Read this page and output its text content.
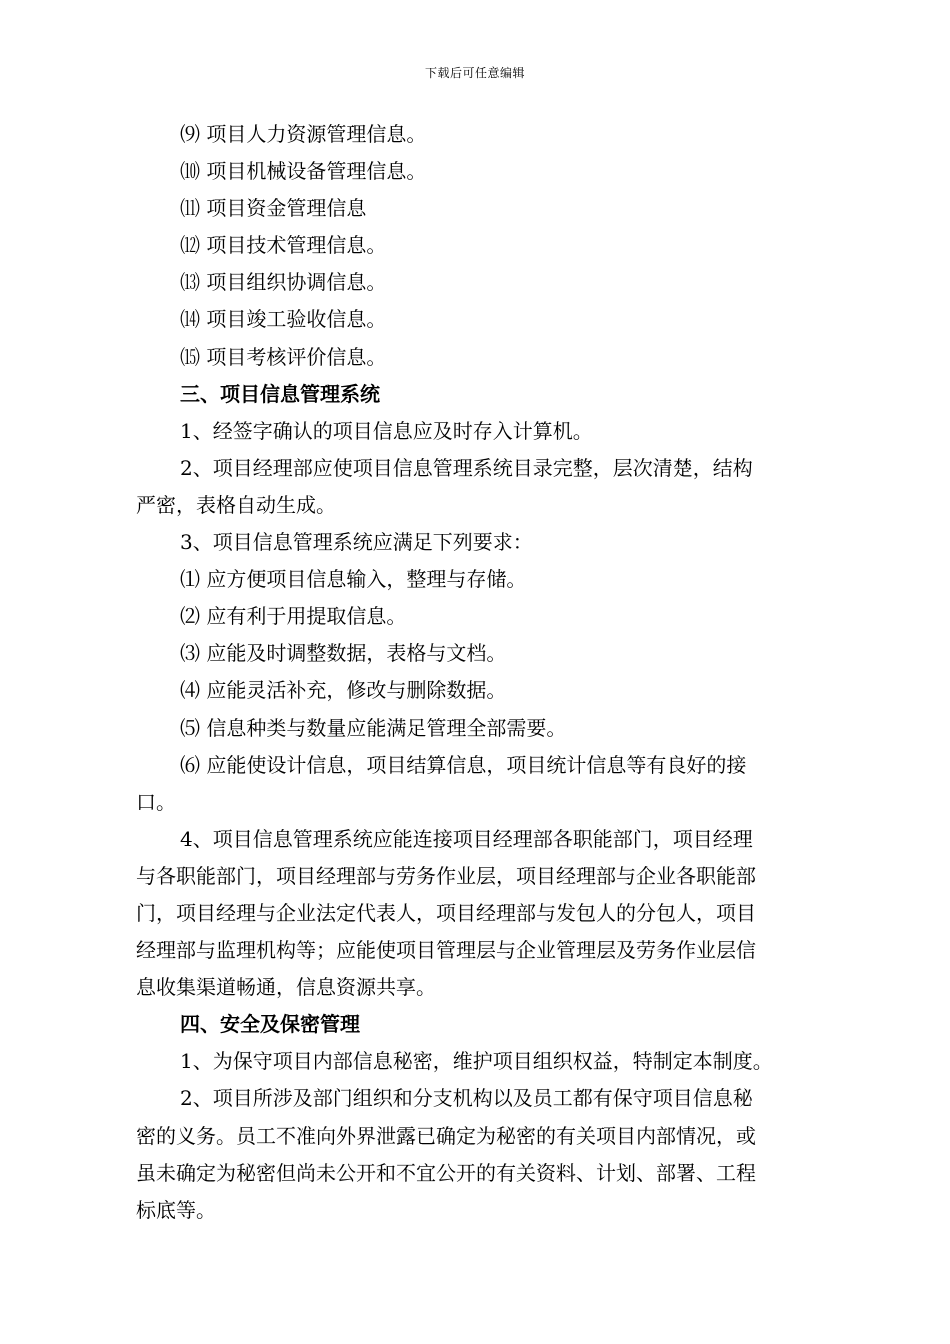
下载后可任意编辑
⑼ 项目人力资源管理信息。
⑽ 项目机械设备管理信息。
⑾ 项目资金管理信息
⑿ 项目技术管理信息。
⒀ 项目组织协调信息。
⒁ 项目竣工验收信息。
⒂ 项目考核评价信息。
三、项目信息管理系统
1、经签字确认的项目信息应及时存入计算机。
2、项目经理部应使项目信息管理系统目录完整，层次清楚，结构
严密，表格自动生成。
3、项目信息管理系统应满足下列要求：
⑴ 应方便项目信息输入，整理与存储。
⑵ 应有利于用提取信息。
⑶ 应能及时调整数据，表格与文档。
⑷ 应能灵活补充，修改与删除数据。
⑸ 信息种类与数量应能满足管理全部需要。
⑹ 应能使设计信息，项目结算信息，项目统计信息等有良好的接
口。
4、项目信息管理系统应能连接项目经理部各职能部门，项目经理
与各职能部门，项目经理部与劳务作业层，项目经理部与企业各职能部
门，项目经理与企业法定代表人，项目经理部与发包人的分包人，项目
经理部与监理机构等；应能使项目管理层与企业管理层及劳务作业层信
息收集渠道畅通，信息资源共享。
四、安全及保密管理
1、为保守项目内部信息秘密，维护项目组织权益，特制定本制度。
2、项目所涉及部门组织和分支机构以及员工都有保守项目信息秘
密的义务。员工不准向外界泄露已确定为秘密的有关项目内部情况，或
虽未确定为秘密但尚未公开和不宜公开的有关资料、计划、部署、工程
标底等。
